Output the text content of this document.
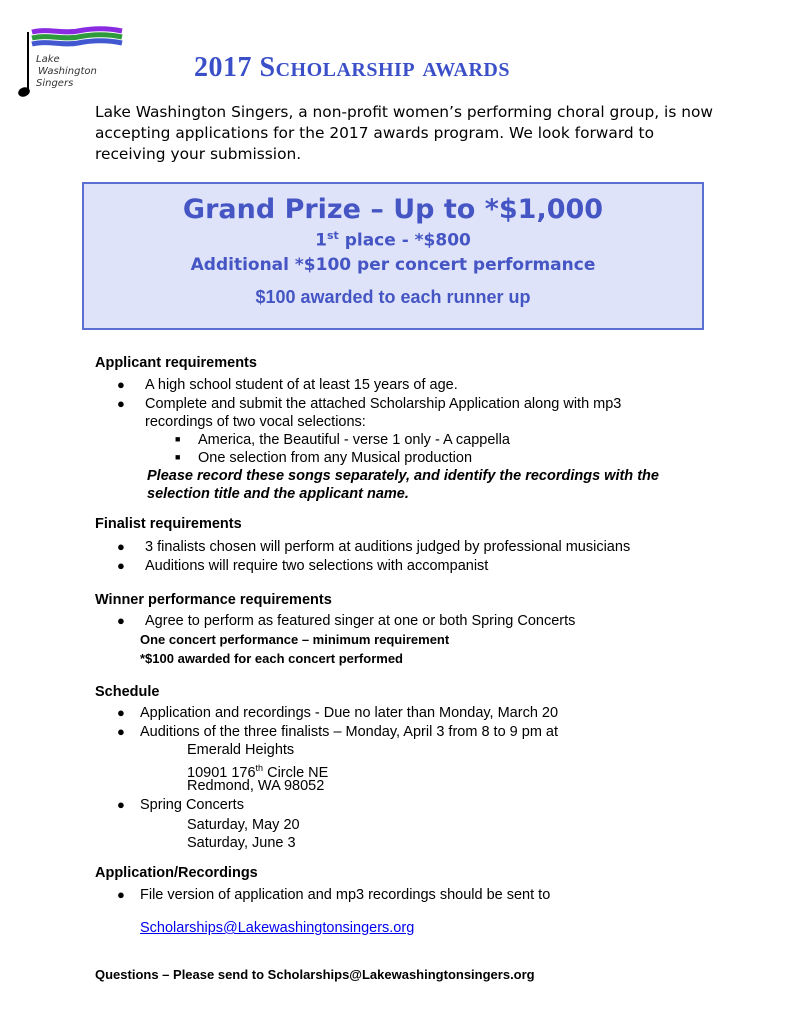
Lake
Washington
Singers
2017 Scholarship awards
Lake Washington Singers, a non-profit women’s performing choral group, is now accepting applications for the 2017 awards program. We look forward to receiving your submission.
Grand Prize – Up to *$1,000
1st place - *$800
Additional *$100 per concert performance
$100 awarded to each runner up
Applicant requirements
● A high school student of at least 15 years of age.
● Complete and submit the attached Scholarship Application along with mp3
recordings of two vocal selections:
■ America, the Beautiful - verse 1 only - A cappella
■ One selection from any Musical production
Please record these songs separately, and identify the recordings with the
selection title and the applicant name.
Finalist requirements
● 3 finalists chosen will perform at auditions judged by professional musicians
● Auditions will require two selections with accompanist
Winner performance requirements
● Agree to perform as featured singer at one or both Spring Concerts
One concert performance – minimum requirement
*$100 awarded for each concert performed
Schedule
● Application and recordings - Due no later than Monday, March 20
● Auditions of the three finalists – Monday, April 3 from 8 to 9 pm at
Emerald Heights
10901 176th Circle NE
Redmond, WA 98052
● Spring Concerts
Saturday, May 20
Saturday, June 3
Application/Recordings
● File version of application and mp3 recordings should be sent to
Scholarships@Lakewashingtonsingers.org
Questions – Please send to Scholarships@Lakewashingtonsingers.org
